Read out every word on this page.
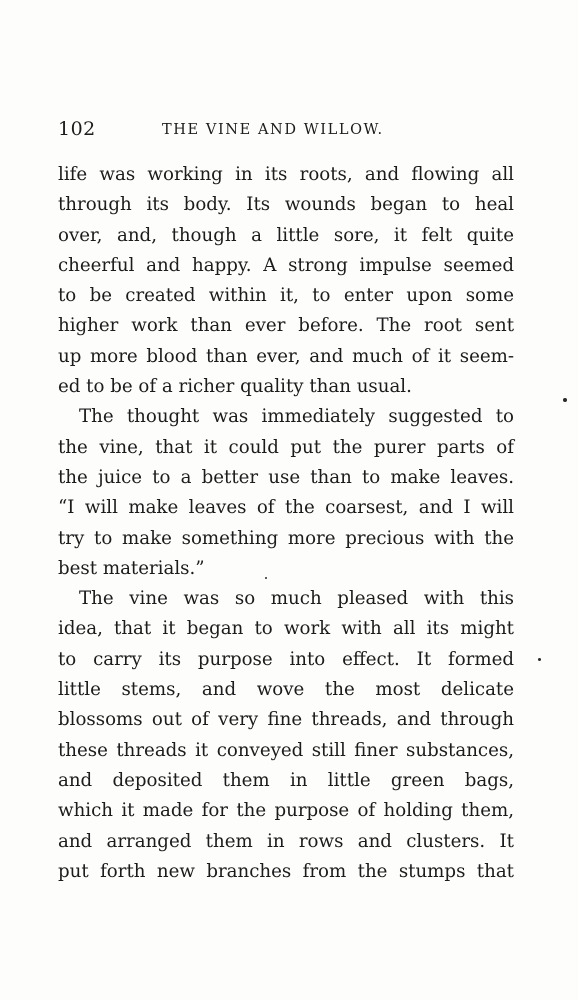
102	THE VINE AND WILLOW.

life was working in its roots, and flowing all
through its body. Its wounds began to heal
over, and, though a little sore, it felt quite
cheerful and happy. A strong impulse seemed
to be created within it, to enter upon some
higher work than ever before. The root sent
up more blood than ever, and much of it seem-
ed to be of a richer quality than usual.

The thought was immediately suggested to
the vine, that it could put the purer parts of
the juice to a better use than to make leaves.
“I will make leaves of the coarsest, and I will
try to make something more precious with the
best materials.”

The vine was so much pleased with this
idea, that it began to work with all its might
to carry its purpose into effect. It formed
little stems, and wove the most delicate
blossoms out of very fine threads, and through
these threads it conveyed still finer substances,
and deposited them in little green bags,
which it made for the purpose of holding them,
and arranged them in rows and clusters. It
put forth new branches from the stumps that
